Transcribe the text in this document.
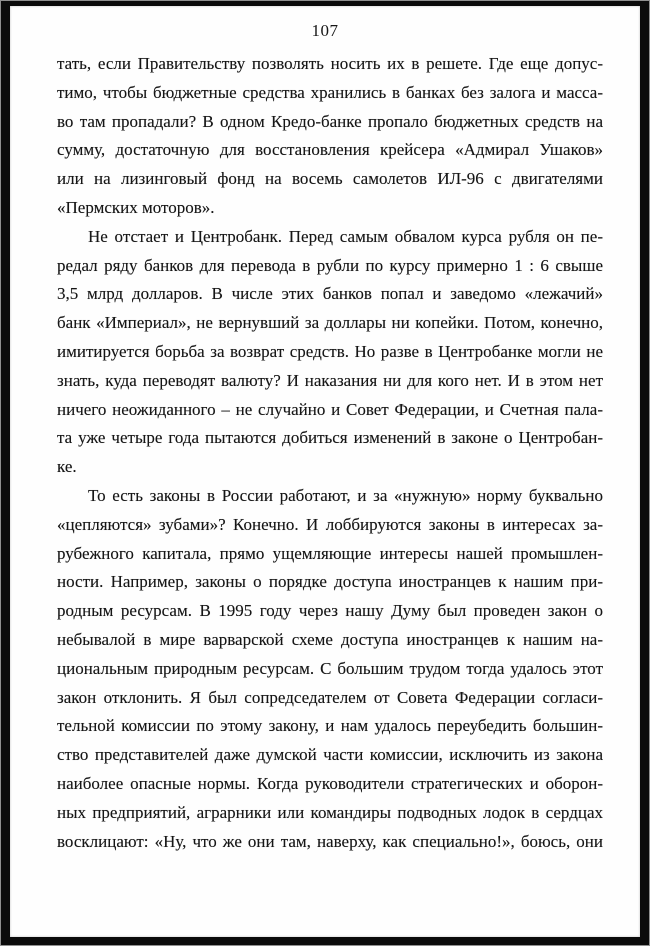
107
тать, если Правительству позволять носить их в решете. Где еще допус-
тимо, чтобы бюджетные средства хранились в банках без залога и масса-
во там пропадали? В одном Кредо-банке пропало бюджетных средств на
сумму, достаточную для восстановления крейсера «Адмирал Ушаков»
или на лизинговый фонд на восемь самолетов ИЛ-96 с двигателями
«Пермских моторов».
Не отстает и Центробанк. Перед самым обвалом курса рубля он пе-
редал ряду банков для перевода в рубли по курсу примерно 1 : 6 свыше
3,5 млрд долларов. В числе этих банков попал и заведомо «лежачий»
банк «Империал», не вернувший за доллары ни копейки. Потом, конечно,
имитируется борьба за возврат средств. Но разве в Центробанке могли не
знать, куда переводят валюту? И наказания ни для кого нет. И в этом нет
ничего неожиданного – не случайно и Совет Федерации, и Счетная пала-
та уже четыре года пытаются добиться изменений в законе о Центробан-
ке.
То есть законы в России работают, и за «нужную» норму буквально
«цепляются» зубами»? Конечно. И лоббируются законы в интересах за-
рубежного капитала, прямо ущемляющие интересы нашей промышлен-
ности. Например, законы о порядке доступа иностранцев к нашим при-
родным ресурсам. В 1995 году через нашу Думу был проведен закон о
небывалой в мире варварской схеме доступа иностранцев к нашим на-
циональным природным ресурсам. С большим трудом тогда удалось этот
закон отклонить. Я был сопредседателем от Совета Федерации согласи-
тельной комиссии по этому закону, и нам удалось переубедить большин-
ство представителей даже думской части комиссии, исключить из закона
наиболее опасные нормы. Когда руководители стратегических и оборон-
ных предприятий, аграрники или командиры подводных лодок в сердцах
восклицают: «Ну, что же они там, наверху, как специально!», боюсь, они
